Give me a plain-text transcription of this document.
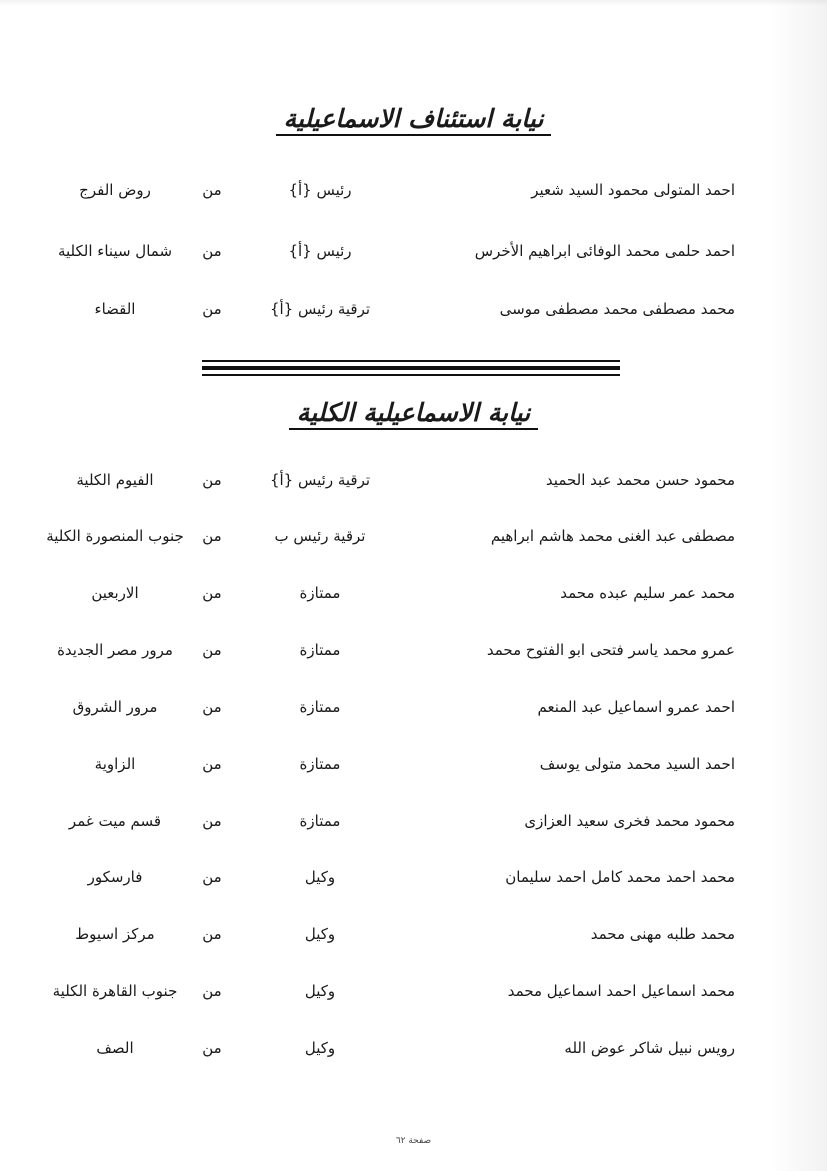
نيابة استئناف الاسماعيلية
احمد المتولى محمود السيد شعير
رئيس {أ}
من
روض الفرج
احمد حلمى محمد الوفائى ابراهيم الأخرس
رئيس {أ}
من
شمال سيناء الكلية
محمد مصطفى محمد مصطفى موسى
ترقية رئيس {أ}
من
القضاء
نيابة الاسماعيلية الكلية
محمود حسن محمد عبد الحميد
ترقية رئيس {أ}
من
الفيوم الكلية
مصطفى عبد الغنى محمد هاشم ابراهيم
ترقية رئيس ب
من
جنوب المنصورة الكلية
محمد عمر سليم عبده محمد
ممتازة
من
الاربعين
عمرو محمد ياسر فتحى ابو الفتوح محمد
ممتازة
من
مرور مصر الجديدة
احمد عمرو اسماعيل عبد المنعم
ممتازة
من
مرور الشروق
احمد السيد محمد متولى يوسف
ممتازة
من
الزاوية
محمود محمد فخرى سعيد العزازى
ممتازة
من
قسم ميت غمر
محمد احمد محمد كامل احمد سليمان
وكيل
من
فارسكور
محمد طلبه مهنى محمد
وكيل
من
مركز اسيوط
محمد اسماعيل احمد اسماعيل محمد
وكيل
من
جنوب القاهرة الكلية
رويس نبيل شاكر عوض الله
وكيل
من
الصف
صفحة ٦٢
